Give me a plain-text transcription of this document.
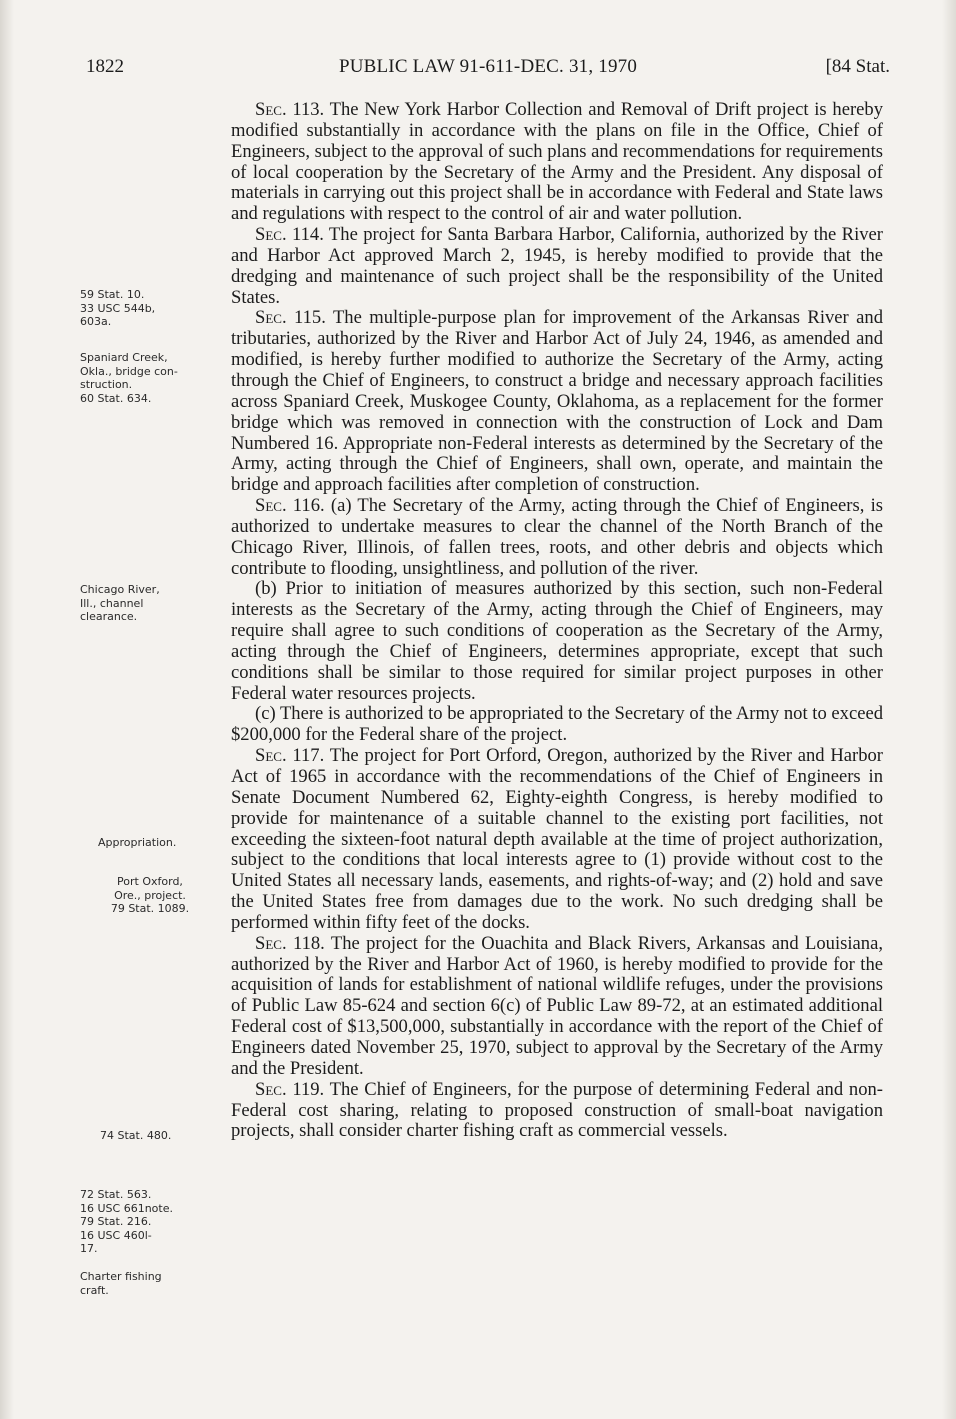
1822	PUBLIC LAW 91-611-DEC. 31, 1970	[84 Stat.
59 Stat. 10.
33 USC 544b,
603a.
Spaniard Creek,
Okla., bridge con-
struction.
60 Stat. 634.
Chicago River,
Ill., channel
clearance.
Appropriation.
Port Oxford,
Ore., project.
79 Stat. 1089.
74 Stat. 480.
72 Stat. 563.
16 USC 661note.
79 Stat. 216.
16 USC 460l-
17.
Charter fishing
craft.

Sec. 113. The New York Harbor Collection and Removal of Drift project is hereby modified substantially in accordance with the plans on file in the Office, Chief of Engineers, subject to the approval of such plans and recommendations for requirements of local cooperation by the Secretary of the Army and the President. Any disposal of materials in carrying out this project shall be in accordance with Federal and State laws and regulations with respect to the control of air and water pollution.

Sec. 114. The project for Santa Barbara Harbor, California, authorized by the River and Harbor Act approved March 2, 1945, is hereby modified to provide that the dredging and maintenance of such project shall be the responsibility of the United States.

Sec. 115. The multiple-purpose plan for improvement of the Arkansas River and tributaries, authorized by the River and Harbor Act of July 24, 1946, as amended and modified, is hereby further modified to authorize the Secretary of the Army, acting through the Chief of Engineers, to construct a bridge and necessary approach facilities across Spaniard Creek, Muskogee County, Oklahoma, as a replacement for the former bridge which was removed in connection with the construction of Lock and Dam Numbered 16. Appropriate non-Federal interests as determined by the Secretary of the Army, acting through the Chief of Engineers, shall own, operate, and maintain the bridge and approach facilities after completion of construction.

Sec. 116. (a) The Secretary of the Army, acting through the Chief of Engineers, is authorized to undertake measures to clear the channel of the North Branch of the Chicago River, Illinois, of fallen trees, roots, and other debris and objects which contribute to flooding, unsightliness, and pollution of the river.

(b) Prior to initiation of measures authorized by this section, such non-Federal interests as the Secretary of the Army, acting through the Chief of Engineers, may require shall agree to such conditions of cooperation as the Secretary of the Army, acting through the Chief of Engineers, determines appropriate, except that such conditions shall be similar to those required for similar project purposes in other Federal water resources projects.

(c) There is authorized to be appropriated to the Secretary of the Army not to exceed $200,000 for the Federal share of the project.

Sec. 117. The project for Port Orford, Oregon, authorized by the River and Harbor Act of 1965 in accordance with the recommendations of the Chief of Engineers in Senate Document Numbered 62, Eighty-eighth Congress, is hereby modified to provide for maintenance of a suitable channel to the existing port facilities, not exceeding the sixteen-foot natural depth available at the time of project authorization, subject to the conditions that local interests agree to (1) provide without cost to the United States all necessary lands, easements, and rights-of-way; and (2) hold and save the United States free from damages due to the work. No such dredging shall be performed within fifty feet of the docks.

Sec. 118. The project for the Ouachita and Black Rivers, Arkansas and Louisiana, authorized by the River and Harbor Act of 1960, is hereby modified to provide for the acquisition of lands for establishment of national wildlife refuges, under the provisions of Public Law 85-624 and section 6(c) of Public Law 89-72, at an estimated additional Federal cost of $13,500,000, substantially in accordance with the report of the Chief of Engineers dated November 25, 1970, subject to approval by the Secretary of the Army and the President.

Sec. 119. The Chief of Engineers, for the purpose of determining Federal and non-Federal cost sharing, relating to proposed construction of small-boat navigation projects, shall consider charter fishing craft as commercial vessels.
